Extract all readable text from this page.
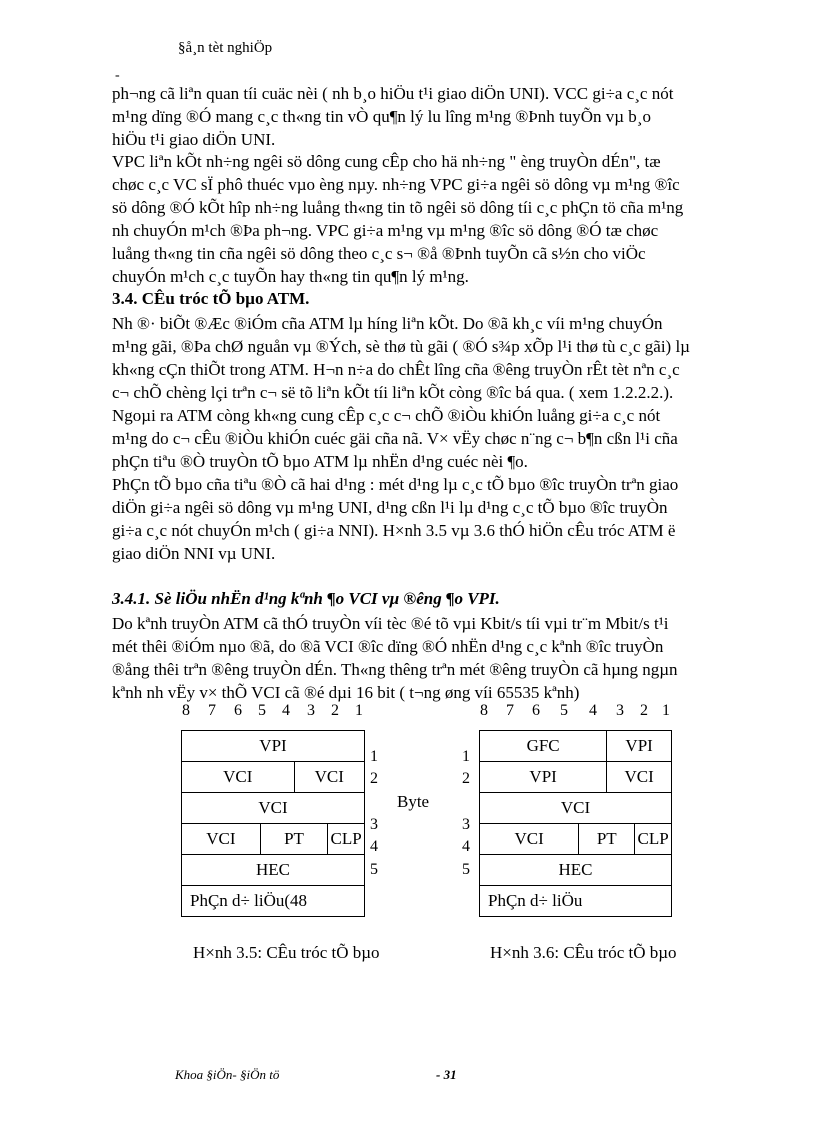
§å¸n tèt nghiÖp
-
ph¬ng cã liªn quan tíi cuäc nèi ( nh b¸o hiÖu t¹i giao diÖn UNI). VCC gi÷a c¸c nót
m¹ng dïng ®Ó mang c¸c th«ng tin vÒ qu¶n lý lu lîng m¹ng ®Þnh tuyÕn vµ b¸o
hiÖu t¹i giao diÖn UNI.
VPC liªn kÕt nh÷ng ngêi sö dông cung cÊp cho hä nh÷ng " èng truyÒn dÉn", tæ
chøc c¸c VC sÏ phô thuéc vµo èng nµy. nh÷ng VPC gi÷a ngêi sö dông vµ m¹ng ®îc
sö dông ®Ó kÕt hîp nh÷ng luång th«ng tin tõ ngêi sö dông tíi c¸c phÇn tö cña m¹ng
nh chuyÓn m¹ch ®Þa ph¬ng. VPC gi÷a m¹ng vµ m¹ng ®îc sö dông ®Ó tæ chøc
luång th«ng tin cña ngêi sö dông theo c¸c s¬ ®å ®Þnh tuyÕn cã s½n cho viÖc
chuyÓn m¹ch c¸c tuyÕn hay th«ng tin qu¶n lý m¹ng.
3.4. CÊu tróc tÕ bµo ATM.
Nh ®· biÕt ®Æc ®iÓm cña ATM lµ híng liªn kÕt. Do ®ã kh¸c víi m¹ng chuyÓn
m¹ng gãi, ®Þa chØ nguån vµ ®Ých, sè thø tù gãi ( ®Ó s¾p xÕp l¹i thø tù c¸c gãi) lµ
kh«ng cÇn thiÕt trong ATM. H¬n n÷a do chÊt lîng cña ®êng truyÒn rÊt tèt nªn c¸c
c¬ chÕ chèng lçi trªn c¬ së tõ liªn kÕt tíi liªn kÕt còng ®îc bá qua. ( xem 1.2.2.2.).
Ngoµi ra ATM còng kh«ng cung cÊp c¸c c¬ chÕ ®iÒu khiÓn luång gi÷a c¸c nót
m¹ng do c¬ cÊu ®iÒu khiÓn cuéc gäi cña nã. V× vËy chøc n¨ng c¬ b¶n cßn l¹i cña
phÇn tiªu ®Ò truyÒn tÕ bµo ATM lµ nhËn d¹ng cuéc nèi ¶o.
PhÇn tÕ bµo cña tiªu ®Ò cã hai d¹ng : mét d¹ng lµ c¸c tÕ bµo ®îc truyÒn trªn giao
diÖn gi÷a ngêi sö dông vµ m¹ng UNI, d¹ng cßn l¹i lµ d¹ng c¸c tÕ bµo ®îc truyÒn
gi÷a c¸c nót chuyÓn m¹ch ( gi÷a NNI). H×nh 3.5 vµ 3.6 thÓ hiÖn cÊu tróc ATM ë
giao diÖn NNI vµ UNI.
3.4.1. Sè liÖu nhËn d¹ng kªnh ¶o VCI vµ ®êng ¶o VPI.
Do kªnh truyÒn ATM cã thÓ truyÒn víi tèc ®é tõ vµi Kbit/s tíi vµi tr¨m Mbit/s t¹i
mét thêi ®iÓm nµo ®ã, do ®ã VCI ®îc dïng ®Ó nhËn d¹ng c¸c kªnh ®îc truyÒn
®ång thêi trªn ®êng truyÒn dÉn. Th«ng thêng trªn mét ®êng truyÒn cã hµng ngµn
kªnh nh vËy v× thÕ VCI cã ®é dµi 16 bit ( t¬ng øng víi 65535 kªnh)
8 7 6 5 4 3 2 1
VPI			
VCI		VCI	
VCI			
VCI	PT		CLP
HEC			
PhÇn d÷ liÖu(48			
1
2
3
4
5
Byte
8 7 6 5 4 3 2 1
1
2
3
4
5
GFC		VPI	
VPI		VCI	
VCI			
VCI	PT		CLP
HEC			
PhÇn d÷ liÖu			
H×nh 3.5: CÊu tróc tÕ bµo	H×nh 3.6: CÊu tróc tÕ bµo
Khoa §iÖn- §iÖn tö	- 31
